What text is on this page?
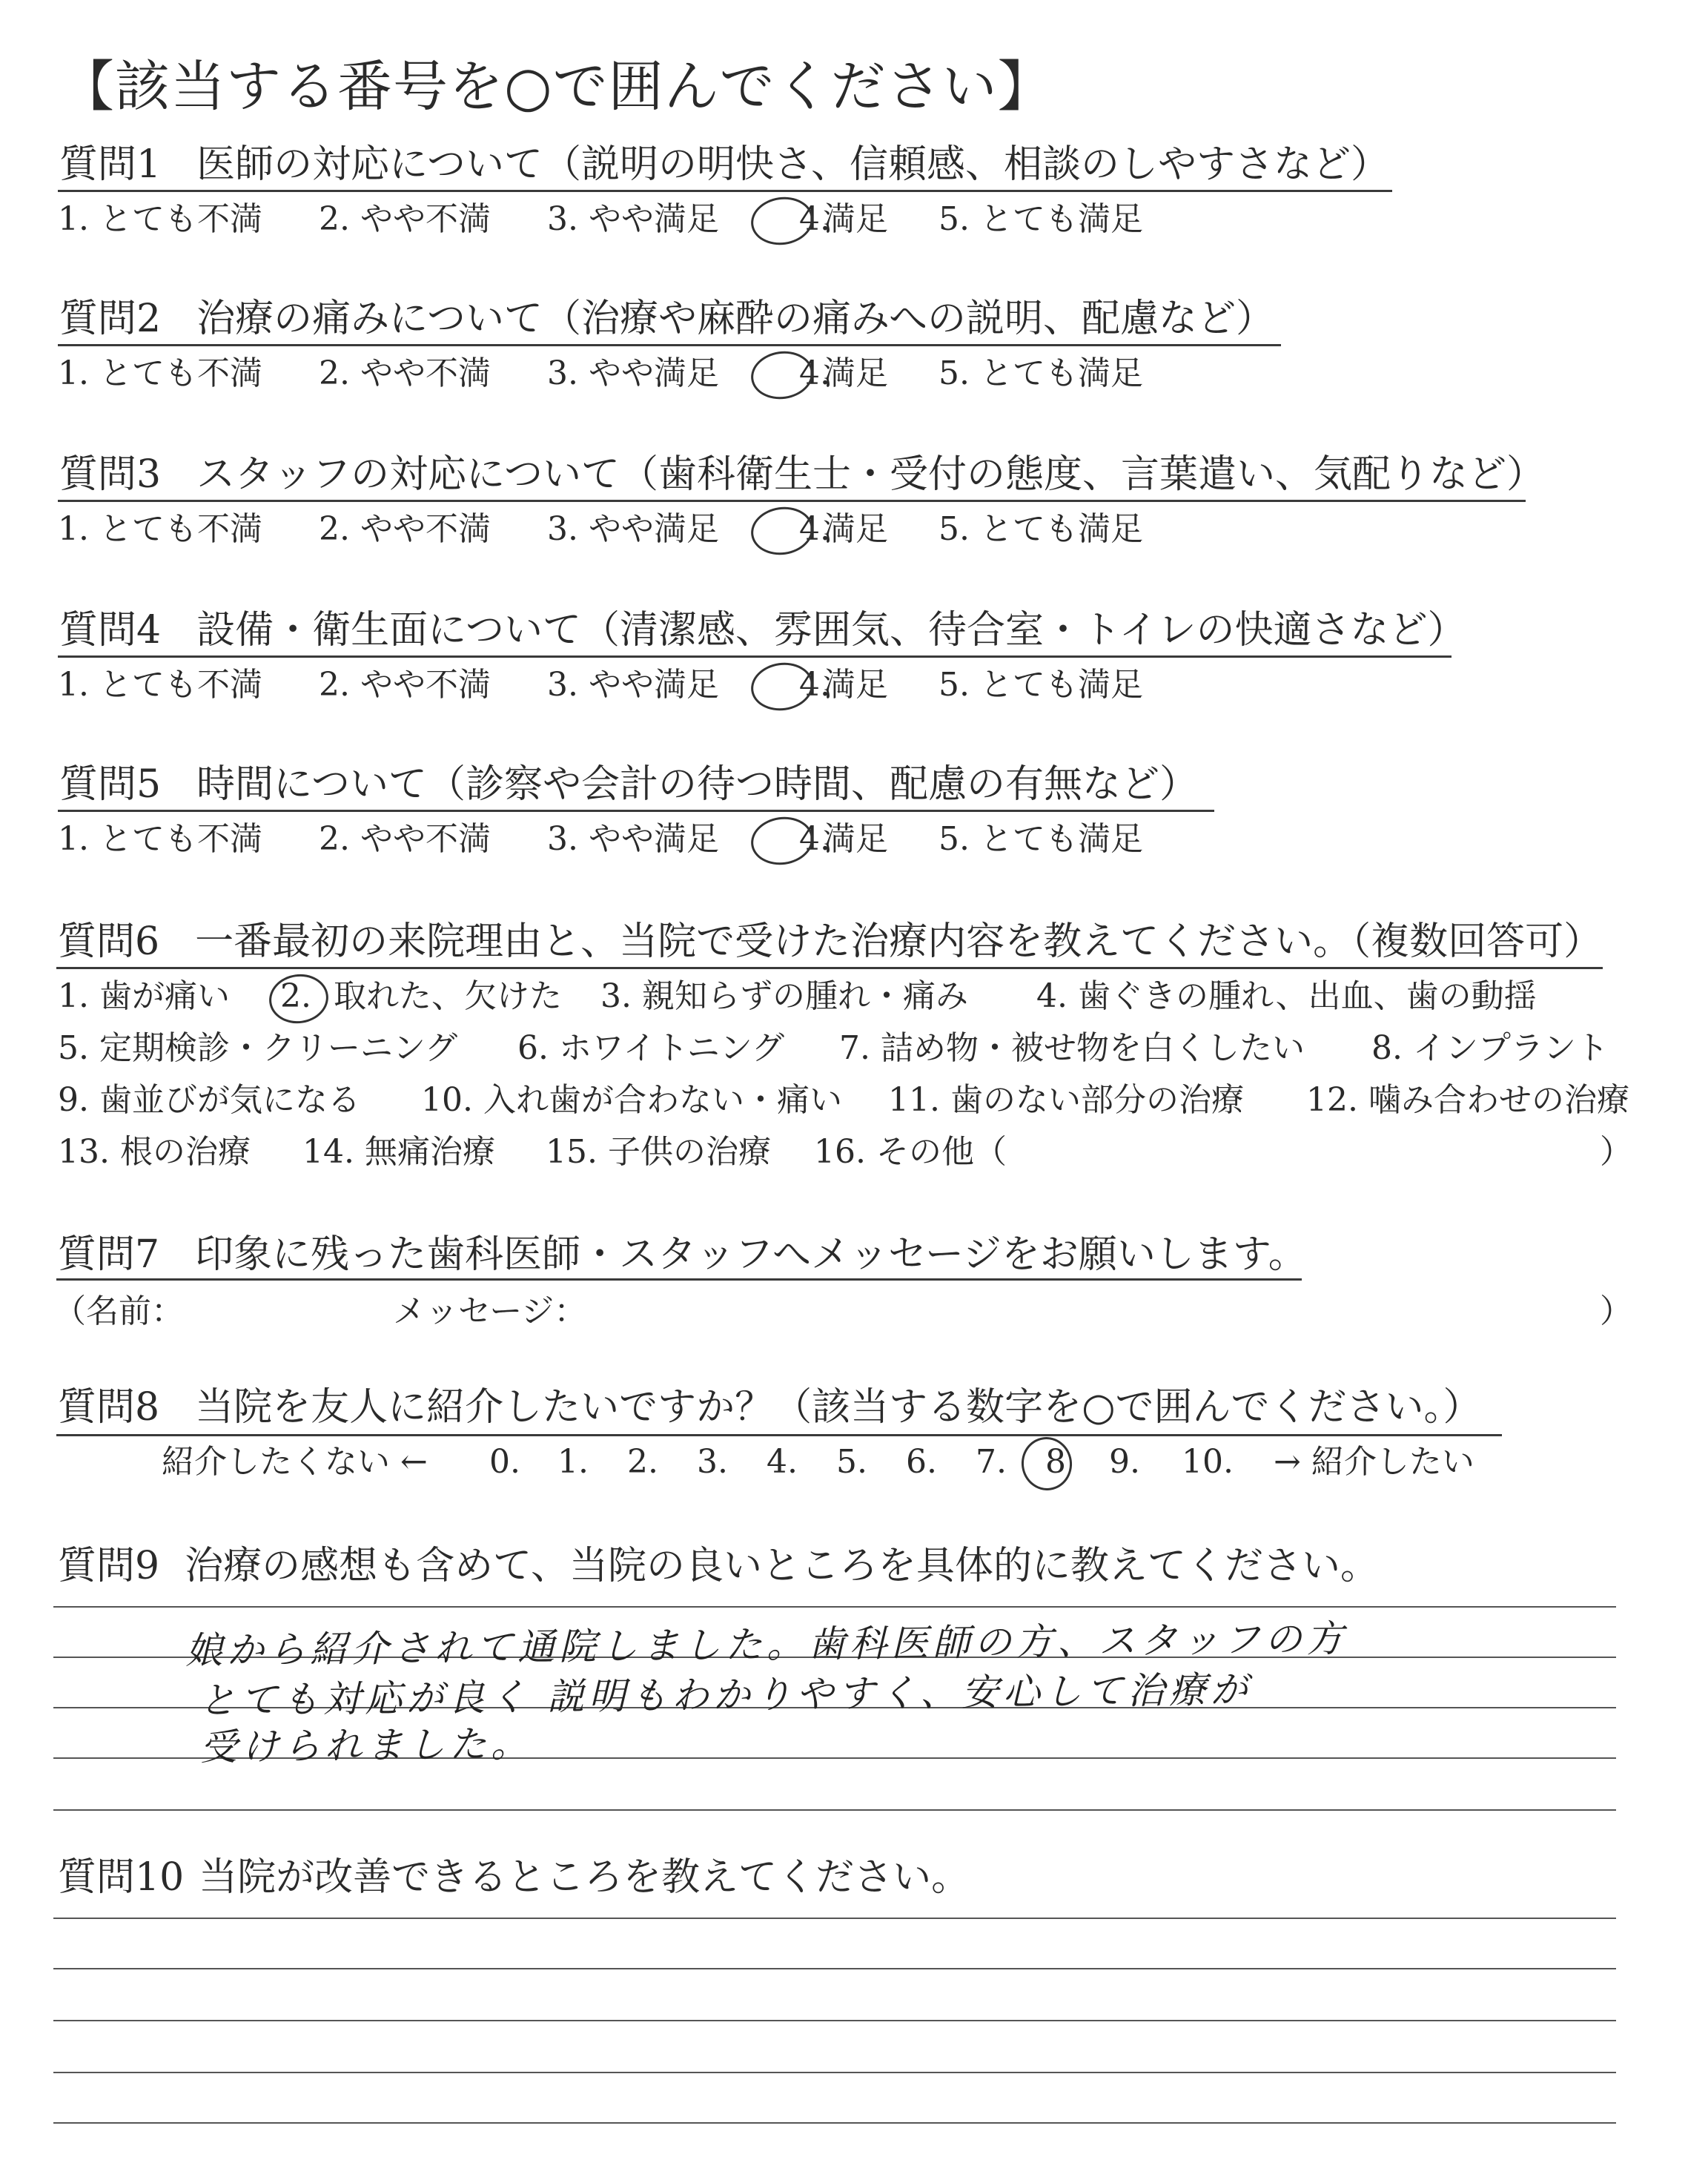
【該当する番号を○で囲んでください】
質問1 医師の対応について（説明の明快さ、信頼感、相談のしやすさなど）
1. とても不満 2. やや不満 3. やや満足 4.
満足 5. とても満足
質問2 治療の痛みについて（治療や麻酔の痛みへの説明、配慮など）
1. とても不満 2. やや不満 3. やや満足 4.
満足 5. とても満足
質問3 スタッフの対応について（歯科衛生士・受付の態度、言葉遣い、気配りなど）
1. とても不満 2. やや不満 3. やや満足 4.
満足 5. とても満足
質問4 設備・衛生面について（清潔感、雰囲気、待合室・トイレの快適さなど）
1. とても不満 2. やや不満 3. やや満足 4.
満足 5. とても満足
質問5 時間について（診察や会計の待つ時間、配慮の有無など）
1. とても不満 2. やや不満 3. やや満足 4.
満足 5. とても満足
質問6 一番最初の来院理由と、当院で受けた治療内容を教えてください。（複数回答可）
1. 歯が痛い 2. 取れた、欠けた 3. 親知らずの腫れ・痛み 4. 歯ぐきの腫れ、出血、歯の動揺
5. 定期検診・クリーニング 6. ホワイトニング 7. 詰め物・被せ物を白くしたい 8. インプラント
9. 歯並びが気になる 10. 入れ歯が合わない・痛い 11. 歯のない部分の治療 12. 噛み合わせの治療
13. 根の治療 14. 無痛治療 15. 子供の治療 16. その他（	）
質問7 印象に残った歯科医師・スタッフへメッセージをお願いします。
（名前：	メッセージ：	）
質問8 当院を友人に紹介したいですか？（該当する数字を○で囲んでください。）
紹介したくない ← 0. 1. 2. 3. 4. 5. 6. 7. 8 9. 10. → 紹介したい
質問9 治療の感想も含めて、当院の良いところを具体的に教えてください。
娘から紹介されて通院しました。歯科医師の方、スタッフの方
とても対応が良く 説明もわかりやすく、安心して治療が
受けられました。
質問10 当院が改善できるところを教えてください。
